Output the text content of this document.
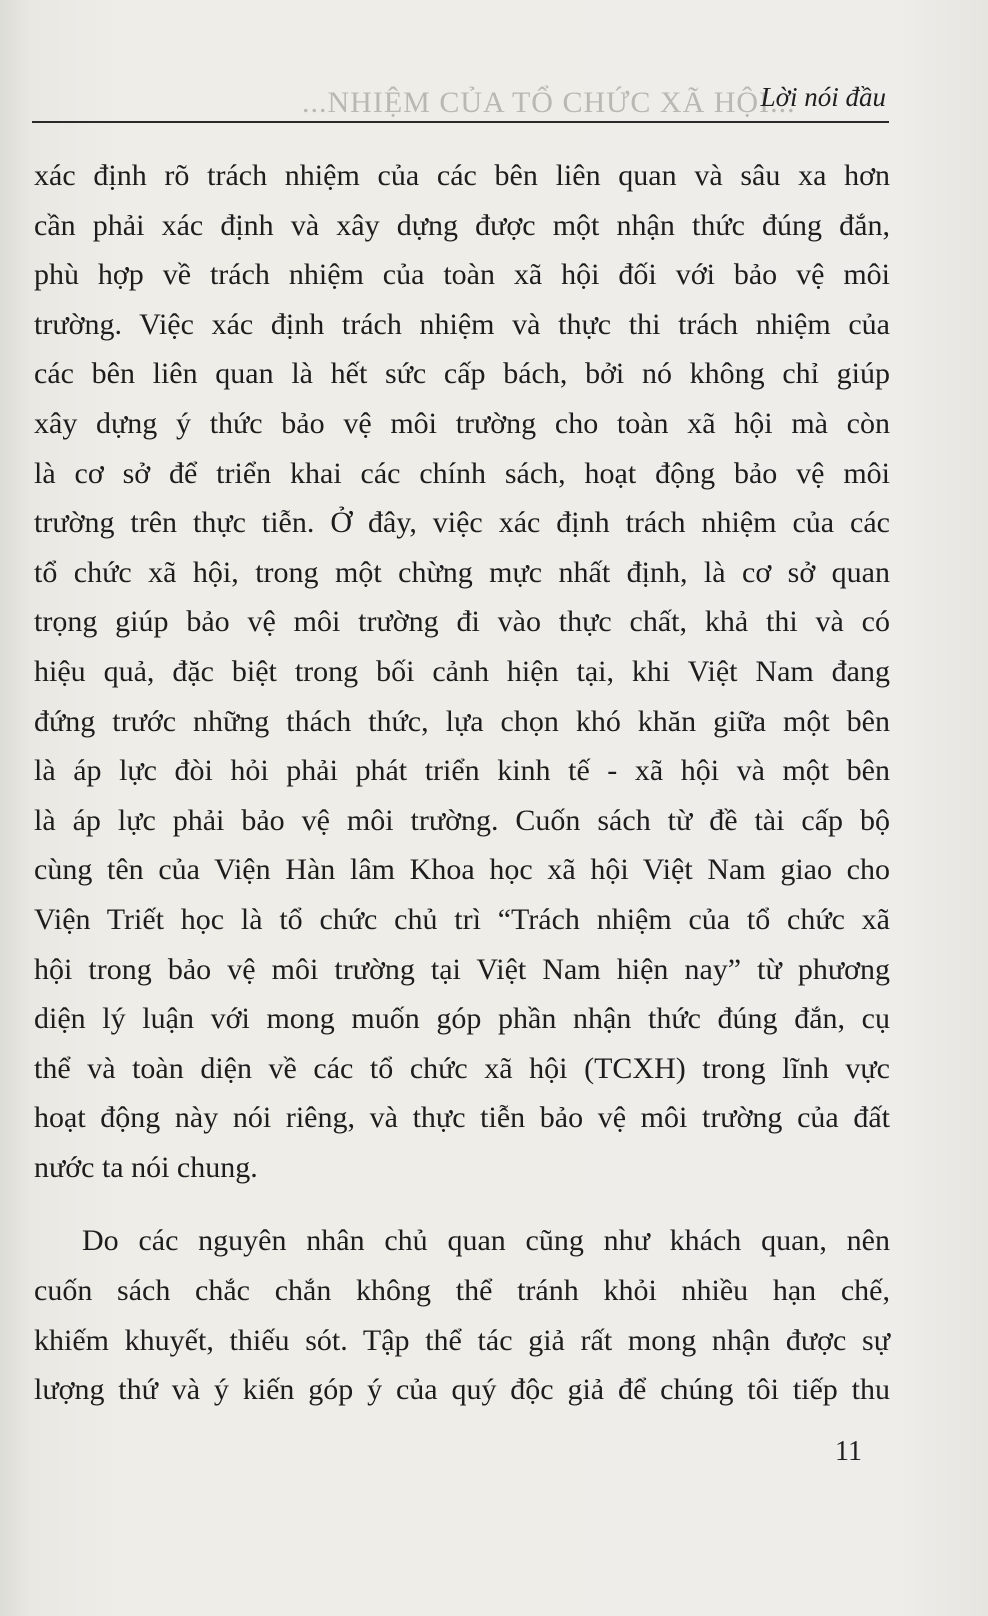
...NHIỆM CỦA TỔ CHỨC XÃ HỘI...
Lời nói đầu
xác định rõ trách nhiệm của các bên liên quan và sâu xa hơn
cần phải xác định và xây dựng được một nhận thức đúng đắn,
phù hợp về trách nhiệm của toàn xã hội đối với bảo vệ môi
trường. Việc xác định trách nhiệm và thực thi trách nhiệm của
các bên liên quan là hết sức cấp bách, bởi nó không chỉ giúp
xây dựng ý thức bảo vệ môi trường cho toàn xã hội mà còn
là cơ sở để triển khai các chính sách, hoạt động bảo vệ môi
trường trên thực tiễn. Ở đây, việc xác định trách nhiệm của các
tổ chức xã hội, trong một chừng mực nhất định, là cơ sở quan
trọng giúp bảo vệ môi trường đi vào thực chất, khả thi và có
hiệu quả, đặc biệt trong bối cảnh hiện tại, khi Việt Nam đang
đứng trước những thách thức, lựa chọn khó khăn giữa một bên
là áp lực đòi hỏi phải phát triển kinh tế - xã hội và một bên
là áp lực phải bảo vệ môi trường. Cuốn sách từ đề tài cấp bộ
cùng tên của Viện Hàn lâm Khoa học xã hội Việt Nam giao cho
Viện Triết học là tổ chức chủ trì “Trách nhiệm của tổ chức xã
hội trong bảo vệ môi trường tại Việt Nam hiện nay” từ phương
diện lý luận với mong muốn góp phần nhận thức đúng đắn, cụ
thể và toàn diện về các tổ chức xã hội (TCXH) trong lĩnh vực
hoạt động này nói riêng, và thực tiễn bảo vệ môi trường của đất
nước ta nói chung.
Do các nguyên nhân chủ quan cũng như khách quan, nên
cuốn sách chắc chắn không thể tránh khỏi nhiều hạn chế,
khiếm khuyết, thiếu sót. Tập thể tác giả rất mong nhận được sự
lượng thứ và ý kiến góp ý của quý độc giả để chúng tôi tiếp thu
11
